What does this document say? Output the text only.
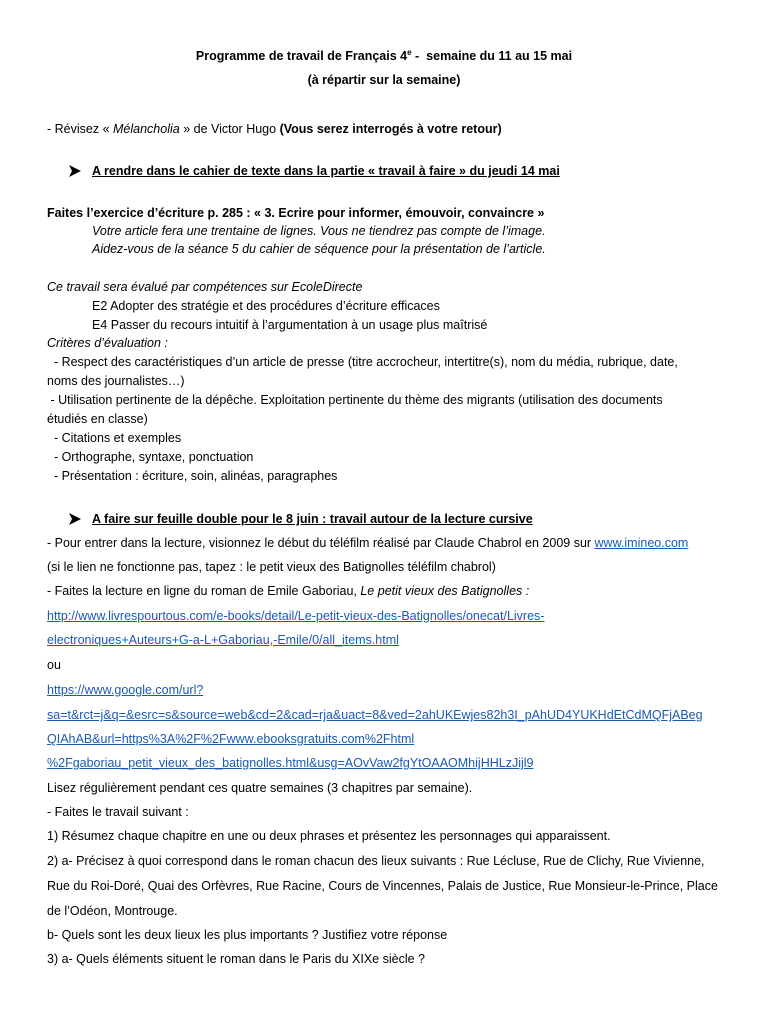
Programme de travail de Français 4e -  semaine du 11 au 15 mai
(à répartir sur la semaine)
- Révisez « Mélancholia » de Victor Hugo (Vous serez interrogés à votre retour)
A rendre dans le cahier de texte dans la partie « travail à faire » du jeudi 14 mai
Faites l’exercice d’écriture p. 285 : « 3. Ecrire pour informer, émouvoir, convaincre »
Votre article fera une trentaine de lignes. Vous ne tiendrez pas compte de l’image.
Aidez-vous de la séance 5 du cahier de séquence pour la présentation de l’article.
Ce travail sera évalué par compétences sur EcoleDirecte
E2 Adopter des stratégie et des procédures d’écriture efficaces
E4 Passer du recours intuitif à l’argumentation à un usage plus maîtrisé
Critères d’évaluation :
- Respect des caractéristiques d’un article de presse (titre accrocheur, intertitre(s), nom du média, rubrique, date,
noms des journalistes…)
- Utilisation pertinente de la dépêche. Exploitation pertinente du thème des migrants (utilisation des documents
étudiés en classe)
- Citations et exemples
- Orthographe, syntaxe, ponctuation
- Présentation : écriture, soin, alinéas, paragraphes
A faire sur feuille double pour le 8 juin : travail autour de la lecture cursive
- Pour entrer dans la lecture, visionnez le début du téléfilm réalisé par Claude Chabrol en 2009 sur www.imineo.com
(si le lien ne fonctionne pas, tapez : le petit vieux des Batignolles téléfilm chabrol)
- Faites la lecture en ligne du roman de Emile Gaboriau, Le petit vieux des Batignolles :
http://www.livrespourtous.com/e-books/detail/Le-petit-vieux-des-Batignolles/onecat/Livres-
electroniques+Auteurs+G-a-L+Gaboriau,-Emile/0/all_items.html
ou
https://www.google.com/url?
sa=t&rct=j&q=&esrc=s&source=web&cd=2&cad=rja&uact=8&ved=2ahUKEwjes82h3I_pAhUD4YUKHdEtCdMQFjABeg
QIAhAB&url=https%3A%2F%2Fwww.ebooksgratuits.com%2Fhtml
%2Fgaboriau_petit_vieux_des_batignolles.html&usg=AOvVaw2fgYtOAAOMhijHHLzJijl9
Lisez régulièrement pendant ces quatre semaines (3 chapitres par semaine).
- Faites le travail suivant :
1) Résumez chaque chapitre en une ou deux phrases et présentez les personnages qui apparaissent.
2) a- Précisez à quoi correspond dans le roman chacun des lieux suivants : Rue Lécluse, Rue de Clichy, Rue Vivienne,
Rue du Roi-Doré, Quai des Orfèvres, Rue Racine, Cours de Vincennes, Palais de Justice, Rue Monsieur-le-Prince, Place
de l’Odéon, Montrouge.
b- Quels sont les deux lieux les plus importants ? Justifiez votre réponse
3) a- Quels éléments situent le roman dans le Paris du XIXe siècle ?
